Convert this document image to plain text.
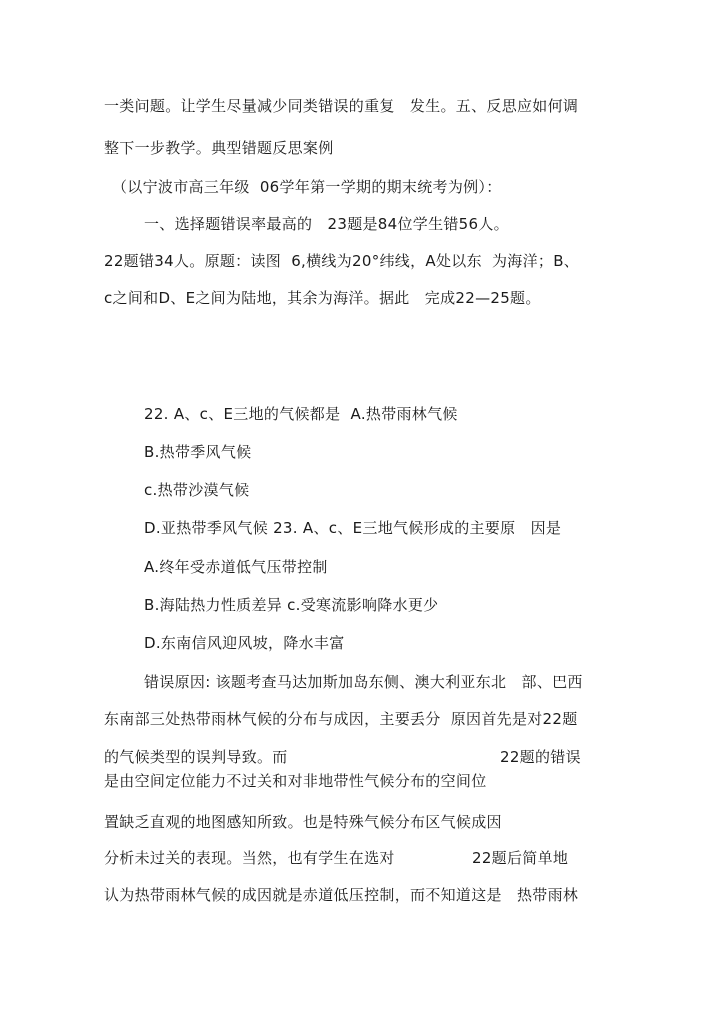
一类问题。让学生尽量减少同类错误的重复   发生。五、反思应如何调
整下一步教学。典型错题反思案例
（以宁波市高三年级  06学年第一学期的期末统考为例）：
一、选择题错误率最高的   23题是84位学生错56人。
22题错34人。原题：读图  6,横线为20°纬线，A处以东  为海洋；B、
c之间和D、E之间为陆地，其余为海洋。据此   完成22—25题。
22. A、c、E三地的气候都是  A.热带雨林气候
B.热带季风气候
c.热带沙漠气候
D.亚热带季风气候 23. A、c、E三地气候形成的主要原   因是
A.终年受赤道低气压带控制
B.海陆热力性质差异 c.受寒流影响降水更少
D.东南信风迎风坡，降水丰富
错误原因: 该题考查马达加斯加岛东侧、澳大利亚东北   部、巴西
东南部三处热带雨林气候的分布与成因，主要丢分  原因首先是对22题
的气候类型的误判导致。而	22题的错误
是由空间定位能力不过关和对非地带性气候分布的空间位
置缺乏直观的地图感知所致。也是特殊气候分布区气候成因
分析未过关的表现。当然，也有学生在选对	22题后简单地
认为热带雨林气候的成因就是赤道低压控制，而不知道这是   热带雨林
